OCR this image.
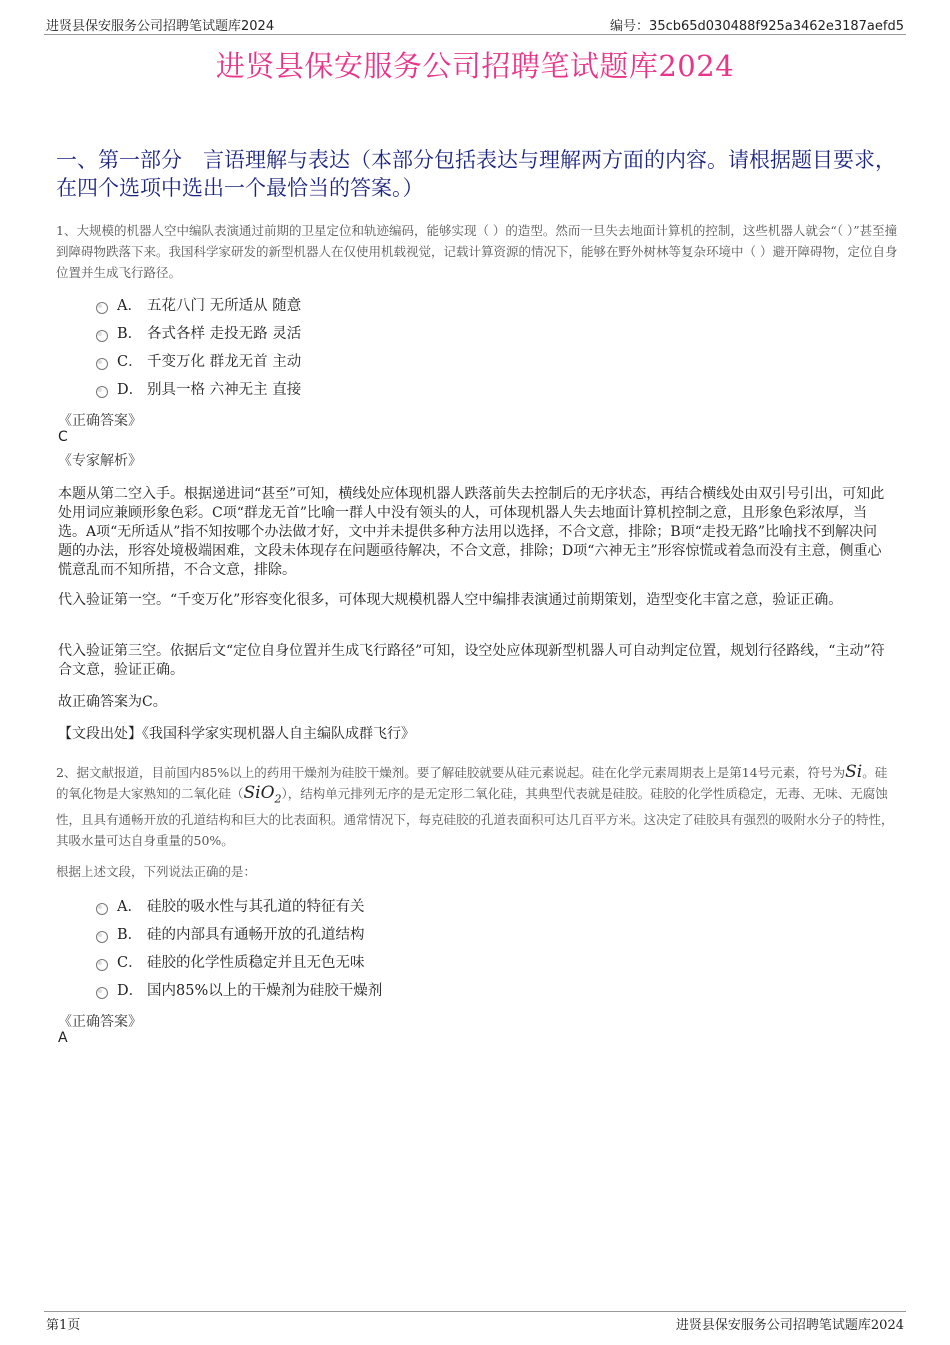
进贤县保安服务公司招聘笔试题库2024	编号：35cb65d030488f925a3462e3187aefd5
进贤县保安服务公司招聘笔试题库2024
一、第一部分　言语理解与表达（本部分包括表达与理解两方面的内容。请根据题目要求，在四个选项中选出一个最恰当的答案。）
1、大规模的机器人空中编队表演通过前期的卫星定位和轨迹编码，能够实现（ ）的造型。然而一旦失去地面计算机的控制，这些机器人就会“（ ）”甚至撞到障碍物跌落下来。我国科学家研发的新型机器人在仅使用机载视觉，记载计算资源的情况下，能够在野外树林等复杂环境中（ ）避开障碍物，定位自身位置并生成飞行路径。
A． 五花八门 无所适从 随意
B． 各式各样 走投无路 灵活
C． 千变万化 群龙无首 主动
D． 别具一格 六神无主 直接
《正确答案》
C
《专家解析》
本题从第二空入手。根据递进词“甚至”可知，横线处应体现机器人跌落前失去控制后的无序状态，再结合横线处由双引号引出，可知此处用词应兼顾形象色彩。C项“群龙无首”比喻一群人中没有领头的人，可体现机器人失去地面计算机控制之意，且形象色彩浓厚，当选。A项“无所适从”指不知按哪个办法做才好，文中并未提供多种方法用以选择，不合文意，排除；B项“走投无路”比喻找不到解决问题的办法，形容处境极端困难，文段未体现存在问题亟待解决，不合文意，排除；D项“六神无主”形容惊慌或着急而没有主意，侧重心慌意乱而不知所措，不合文意，排除。
代入验证第一空。“千变万化”形容变化很多，可体现大规模机器人空中编排表演通过前期策划，造型变化丰富之意，验证正确。
代入验证第三空。依据后文“定位自身位置并生成飞行路径”可知，设空处应体现新型机器人可自动判定位置，规划行径路线，“主动”符合文意，验证正确。
故正确答案为C。
【文段出处】《我国科学家实现机器人自主编队成群飞行》
2、据文献报道，目前国内85%以上的药用干燥剂为硅胶干燥剂。要了解硅胶就要从硅元素说起。硅在化学元素周期表上是第14号元素，符号为Si。硅的氧化物是大家熟知的二氧化硅（SiO$_2$），结构单元排列无序的是无定形二氧化硅，其典型代表就是硅胶。硅胶的化学性质稳定，无毒、无味、无腐蚀性，且具有通畅开放的孔道结构和巨大的比表面积。通常情况下，每克硅胶的孔道表面积可达几百平方米。这决定了硅胶具有强烈的吸附水分子的特性，其吸水量可达自身重量的50%。
根据上述文段，下列说法正确的是：
A． 硅胶的吸水性与其孔道的特征有关
B． 硅的内部具有通畅开放的孔道结构
C． 硅胶的化学性质稳定并且无色无味
D． 国内85%以上的干燥剂为硅胶干燥剂
《正确答案》
A
第1页	进贤县保安服务公司招聘笔试题库2024
